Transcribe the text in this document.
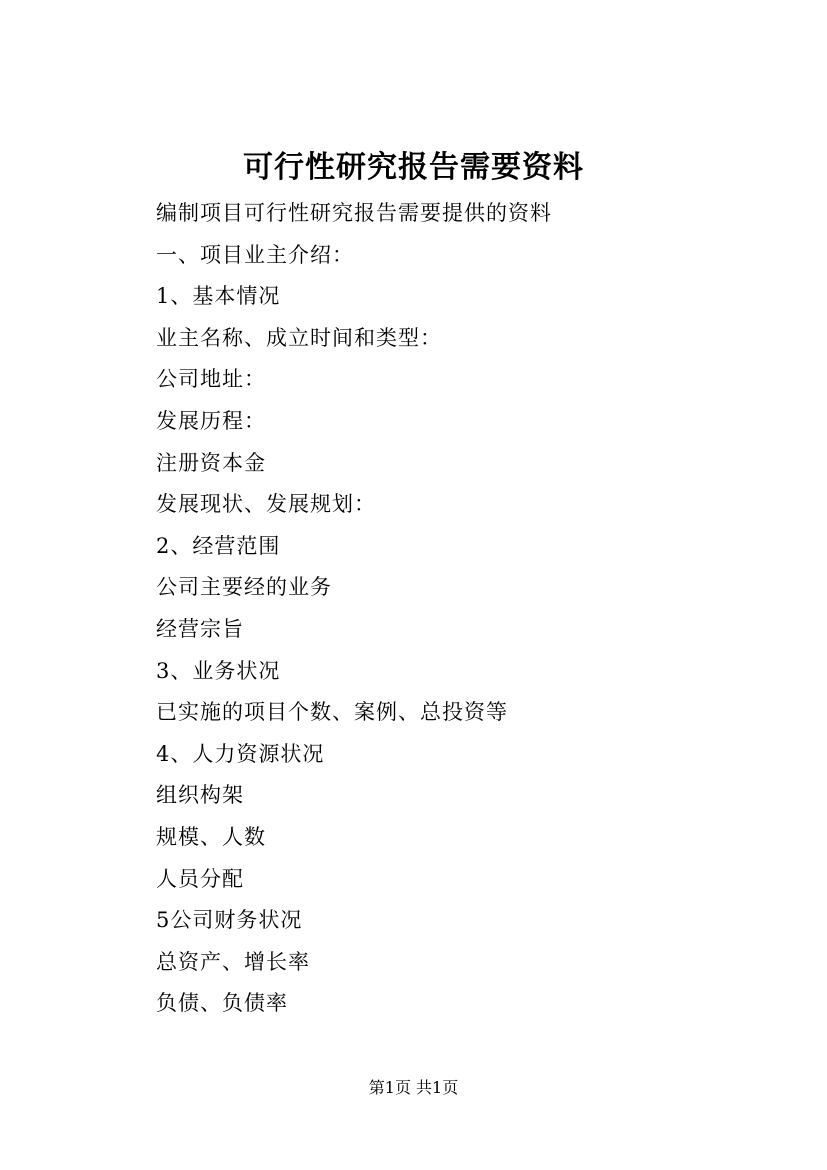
可行性研究报告需要资料
编制项目可行性研究报告需要提供的资料
一、项目业主介绍：
1、基本情况
业主名称、成立时间和类型：
公司地址：
发展历程：
注册资本金
发展现状、发展规划：
2、经营范围
公司主要经的业务
经营宗旨
3、业务状况
已实施的项目个数、案例、总投资等
4、人力资源状况
组织构架
规模、人数
人员分配
5公司财务状况
总资产、增长率
负债、负债率
第1页 共1页
